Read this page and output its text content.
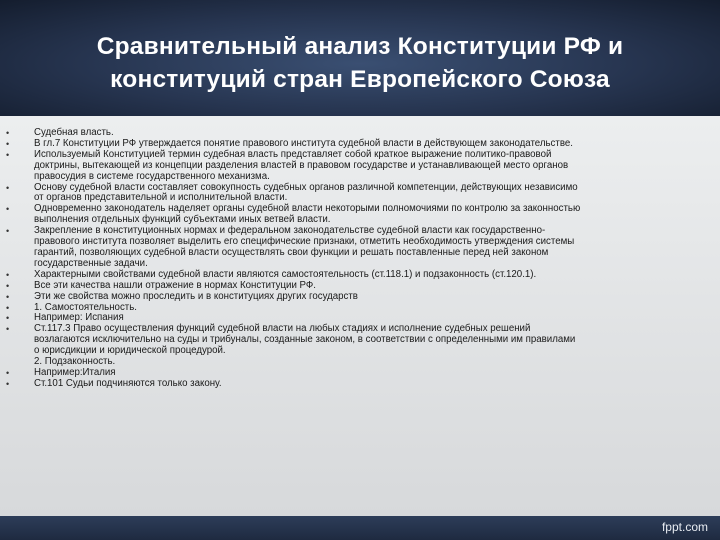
Сравнительный анализ Конституции РФ и
конституций стран Европейского Союза
•	Судебная власть.
•	В гл.7 Конституции РФ утверждается понятие правового института судебной власти в действующем законодательстве.
•	Используемый Конституцией термин судебная власть представляет собой краткое выражение политико-правовой
доктрины, вытекающей из концепции разделения властей в правовом государстве и устанавливающей место органов
правосудия в системе государственного механизма.
•	Основу судебной власти составляет совокупность судебных органов различной компетенции, действующих независимо
от органов представительной и исполнительной власти.
•	Одновременно законодатель наделяет органы судебной власти некоторыми полномочиями по контролю за законностью
выполнения отдельных функций субъектами иных ветвей власти.
•	Закрепление в конституционных нормах и федеральном законодательстве судебной власти как государственно-
правового института позволяет выделить его специфические признаки, отметить необходимость утверждения системы
гарантий, позволяющих судебной власти осуществлять свои функции и решать поставленные перед ней законом
государственные задачи.
•	Характерными свойствами судебной власти являются самостоятельность (ст.118.1) и подзаконность (ст.120.1).
•	Все эти качества нашли отражение в нормах Конституции РФ.
•	Эти же свойства можно проследить и в конституциях других государств
•	1. Самостоятельность.
•	Например: Испания
•	Ст.117.3 Право осуществления функций судебной власти на любых стадиях и исполнение судебных решений
возлагаются исключительно на суды и трибуналы, созданные законом, в соответствии с определенными им правилами
о юрисдикции и юридической процедурой.
2. Подзаконность.
•	Например:Италия
•	Ст.101 Судьи подчиняются только закону.
fppt.com
